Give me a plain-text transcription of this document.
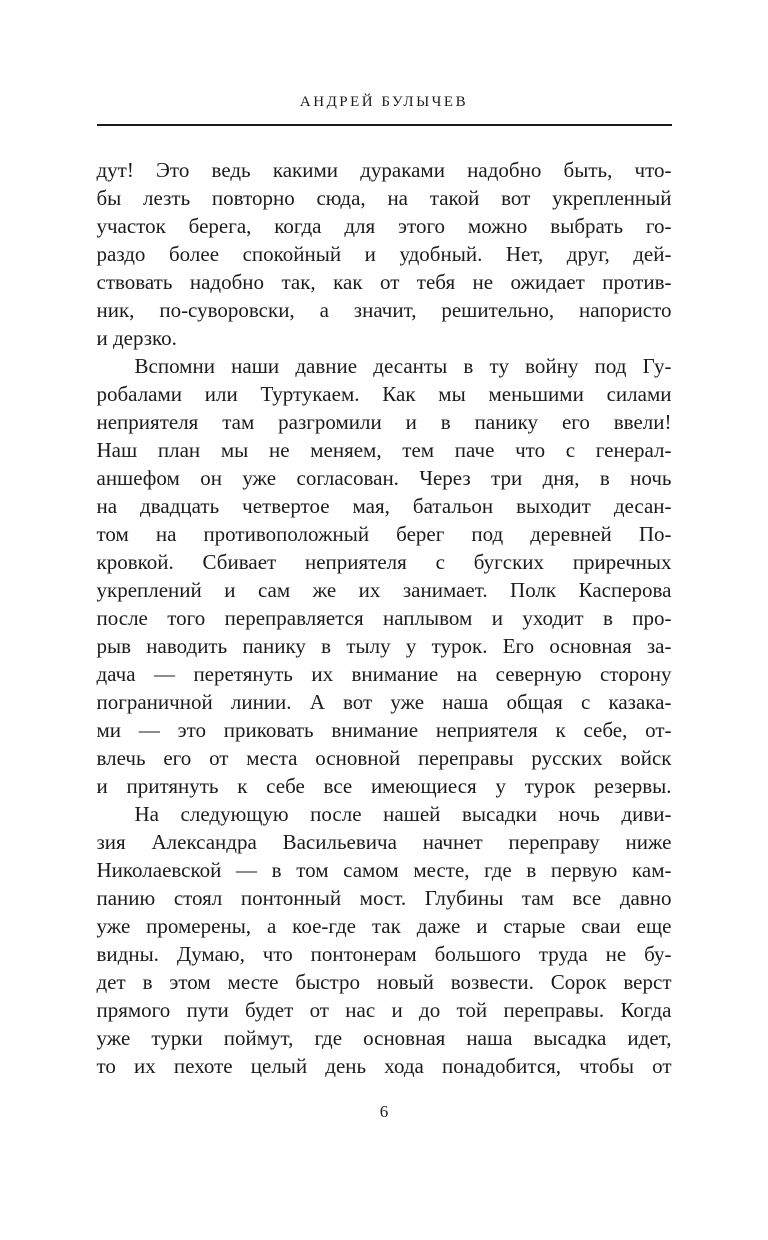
АНДРЕЙ БУЛЫЧЕВ
дут! Это ведь какими дураками надобно быть, что-
бы лезть повторно сюда, на такой вот укрепленный
участок берега, когда для этого можно выбрать го-
раздо более спокойный и удобный. Нет, друг, дей-
ствовать надобно так, как от тебя не ожидает против-
ник, по-суворовски, а значит, решительно, напористо
и дерзко.
Вспомни наши давние десанты в ту войну под Гу-
робалами или Туртукаем. Как мы меньшими силами
неприятеля там разгромили и в панику его ввели!
Наш план мы не меняем, тем паче что с генерал-
аншефом он уже согласован. Через три дня, в ночь
на двадцать четвертое мая, батальон выходит десан-
том на противоположный берег под деревней По-
кровкой. Сбивает неприятеля с бугских приречных
укреплений и сам же их занимает. Полк Касперова
после того переправляется наплывом и уходит в про-
рыв наводить панику в тылу у турок. Его основная за-
дача — перетянуть их внимание на северную сторону
пограничной линии. А вот уже наша общая с казака-
ми — это приковать внимание неприятеля к себе, от-
влечь его от места основной переправы русских войск
и притянуть к себе все имеющиеся у турок резервы.
На следующую после нашей высадки ночь диви-
зия Александра Васильевича начнет переправу ниже
Николаевской — в том самом месте, где в первую кам-
панию стоял понтонный мост. Глубины там все давно
уже промерены, а кое-где так даже и старые сваи еще
видны. Думаю, что понтонерам большого труда не бу-
дет в этом месте быстро новый возвести. Сорок верст
прямого пути будет от нас и до той переправы. Когда
уже турки поймут, где основная наша высадка идет,
то их пехоте целый день хода понадобится, чтобы от
6
